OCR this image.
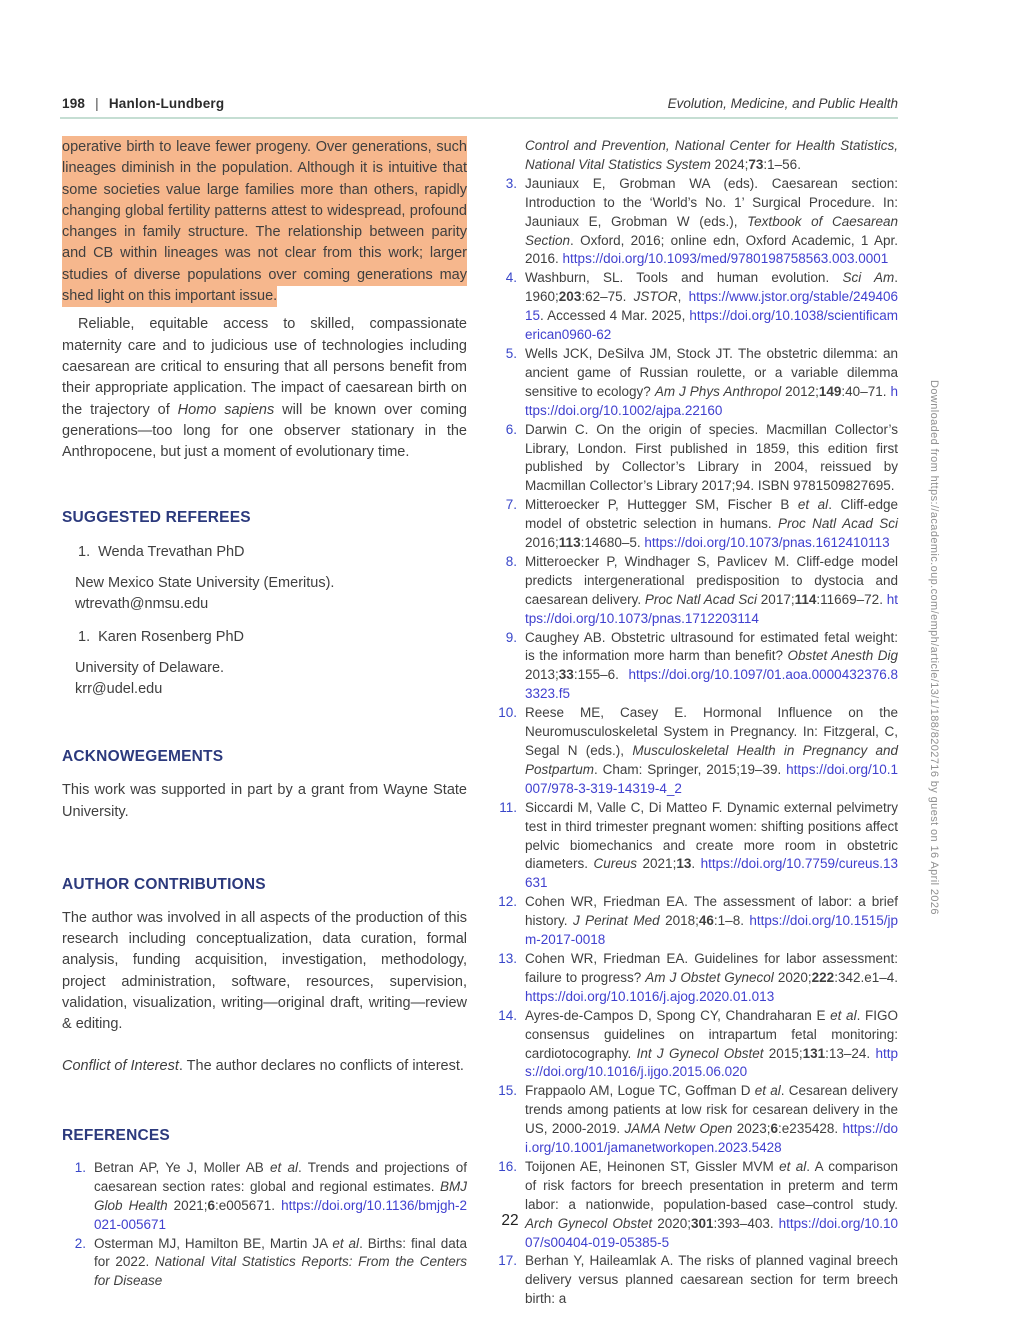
198 | Hanlon-Lundberg	Evolution, Medicine, and Public Health

operative birth to leave fewer progeny. Over generations, such lineages diminish in the population. Although it is intuitive that some societies value large families more than others, rapidly changing global fertility patterns attest to widespread, profound changes in family structure. The relationship between parity and CB within lineages was not clear from this work; larger studies of diverse populations over coming generations may shed light on this important issue.

Reliable, equitable access to skilled, compassionate maternity care and to judicious use of technologies including caesarean are critical to ensuring that all persons benefit from their appropriate application. The impact of caesarean birth on the trajectory of Homo sapiens will be known over coming generations—too long for one observer stationary in the Anthropocene, but just a moment of evolutionary time.

SUGGESTED REFEREES
1. Wenda Trevathan PhD
New Mexico State University (Emeritus).
wtrevath@nmsu.edu
1. Karen Rosenberg PhD
University of Delaware.
krr@udel.edu
ACKNOWEGEMENTS

This work was supported in part by a grant from Wayne State University.

AUTHOR CONTRIBUTIONS

The author was involved in all aspects of the production of this research including conceptualization, data curation, formal analysis, funding acquisition, investigation, methodology, project administration, software, resources, supervision, validation, visualization, writing—original draft, writing—review & editing.

Conflict of Interest. The author declares no conflicts of interest.

REFERENCES
1. Betran AP, Ye J, Moller AB et al. Trends and projections of caesarean section rates: global and regional estimates. BMJ Glob Health 2021;6:e005671. https://doi.org/10.1136/bmjgh-2021-005671
2. Osterman MJ, Hamilton BE, Martin JA et al. Births: final data for 2022. National Vital Statistics Reports: From the Centers for Disease
Control and Prevention, National Center for Health Statistics, National Vital Statistics System 2024;73:1–56.
3. Jauniaux E, Grobman WA (eds). Caesarean section: Introduction to the ‘World’s No. 1’ Surgical Procedure. In: Jauniaux E, Grobman W (eds.), Textbook of Caesarean Section. Oxford, 2016; online edn, Oxford Academic, 1 Apr. 2016. https://doi.org/10.1093/med/9780198758563.003.0001
4. Washburn, SL. Tools and human evolution. Sci Am. 1960;203:62–75. JSTOR, https://www.jstor.org/stable/24940615. Accessed 4 Mar. 2025, https://doi.org/10.1038/scientificamerican0960-62
5. Wells JCK, DeSilva JM, Stock JT. The obstetric dilemma: an ancient game of Russian roulette, or a variable dilemma sensitive to ecology? Am J Phys Anthropol 2012;149:40–71. https://doi.org/10.1002/ajpa.22160
6. Darwin C. On the origin of species. Macmillan Collector’s Library, London. First published in 1859, this edition first published by Collector’s Library in 2004, reissued by Macmillan Collector’s Library 2017;94. ISBN 9781509827695.
7. Mitteroecker P, Huttegger SM, Fischer B et al. Cliff-edge model of obstetric selection in humans. Proc Natl Acad Sci 2016;113:14680–5. https://doi.org/10.1073/pnas.1612410113
8. Mitteroecker P, Windhager S, Pavlicev M. Cliff-edge model predicts intergenerational predisposition to dystocia and caesarean delivery. Proc Natl Acad Sci 2017;114:11669–72. https://doi.org/10.1073/pnas.1712203114
9. Caughey AB. Obstetric ultrasound for estimated fetal weight: is the information more harm than benefit? Obstet Anesth Dig 2013;33:155–6. https://doi.org/10.1097/01.aoa.0000432376.83323.f5
10. Reese ME, Casey E. Hormonal Influence on the Neuromusculoskeletal System in Pregnancy. In: Fitzgeral, C, Segal N (eds.), Musculoskeletal Health in Pregnancy and Postpartum. Cham: Springer, 2015;19–39. https://doi.org/10.1007/978-3-319-14319-4_2
11. Siccardi M, Valle C, Di Matteo F. Dynamic external pelvimetry test in third trimester pregnant women: shifting positions affect pelvic biomechanics and create more room in obstetric diameters. Cureus 2021;13. https://doi.org/10.7759/cureus.13631
12. Cohen WR, Friedman EA. The assessment of labor: a brief history. J Perinat Med 2018;46:1–8. https://doi.org/10.1515/jpm-2017-0018
13. Cohen WR, Friedman EA. Guidelines for labor assessment: failure to progress? Am J Obstet Gynecol 2020;222:342.e1–4. https://doi.org/10.1016/j.ajog.2020.01.013
14. Ayres-de-Campos D, Spong CY, Chandraharan E et al. FIGO consensus guidelines on intrapartum fetal monitoring: cardiotocography. Int J Gynecol Obstet 2015;131:13–24. https://doi.org/10.1016/j.ijgo.2015.06.020
15. Frappaolo AM, Logue TC, Goffman D et al. Cesarean delivery trends among patients at low risk for cesarean delivery in the US, 2000-2019. JAMA Netw Open 2023;6:e235428. https://doi.org/10.1001/jamanetworkopen.2023.5428
16. Toijonen AE, Heinonen ST, Gissler MVM et al. A comparison of risk factors for breech presentation in preterm and term labor: a nationwide, population-based case–control study. Arch Gynecol Obstet 2020;301:393–403. https://doi.org/10.1007/s00404-019-05385-5
17. Berhan Y, Haileamlak A. The risks of planned vaginal breech delivery versus planned caesarean section for term breech birth: a
Downloaded from https://academic.oup.com/emph/article/13/1/188/8202716 by guest on 16 April 2026
22
